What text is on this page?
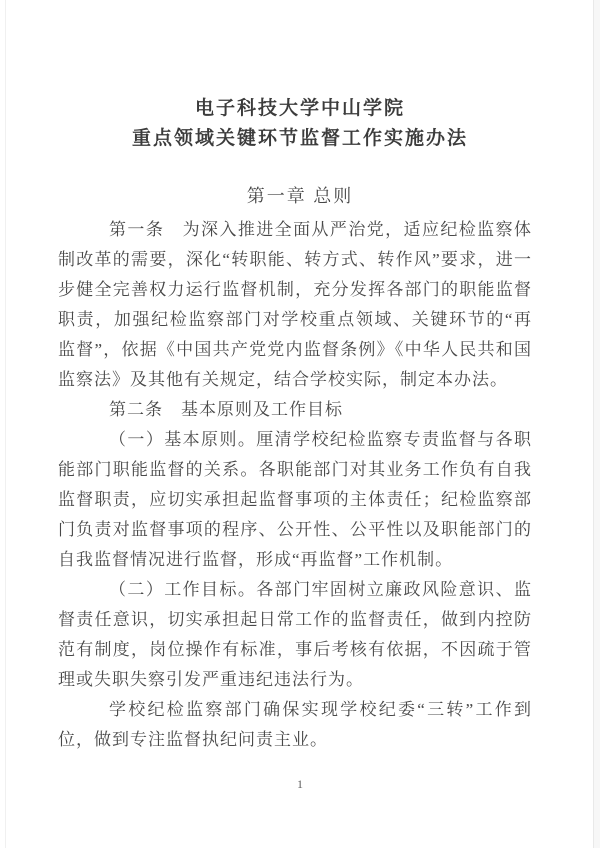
电子科技大学中山学院
重点领域关键环节监督工作实施办法
第一章 总则

第一条　为深入推进全面从严治党，适应纪检监察体制改革的需要，深化“转职能、转方式、转作风”要求，进一步健全完善权力运行监督机制，充分发挥各部门的职能监督职责，加强纪检监察部门对学校重点领域、关键环节的“再监督”，依据《中国共产党党内监督条例》《中华人民共和国监察法》及其他有关规定，结合学校实际，制定本办法。

第二条　基本原则及工作目标

（一）基本原则。厘清学校纪检监察专责监督与各职能部门职能监督的关系。各职能部门对其业务工作负有自我监督职责，应切实承担起监督事项的主体责任；纪检监察部门负责对监督事项的程序、公开性、公平性以及职能部门的自我监督情况进行监督，形成“再监督”工作机制。

（二）工作目标。各部门牢固树立廉政风险意识、监督责任意识，切实承担起日常工作的监督责任，做到内控防范有制度，岗位操作有标准，事后考核有依据，不因疏于管理或失职失察引发严重违纪违法行为。

学校纪检监察部门确保实现学校纪委“三转”工作到位，做到专注监督执纪问责主业。

1
